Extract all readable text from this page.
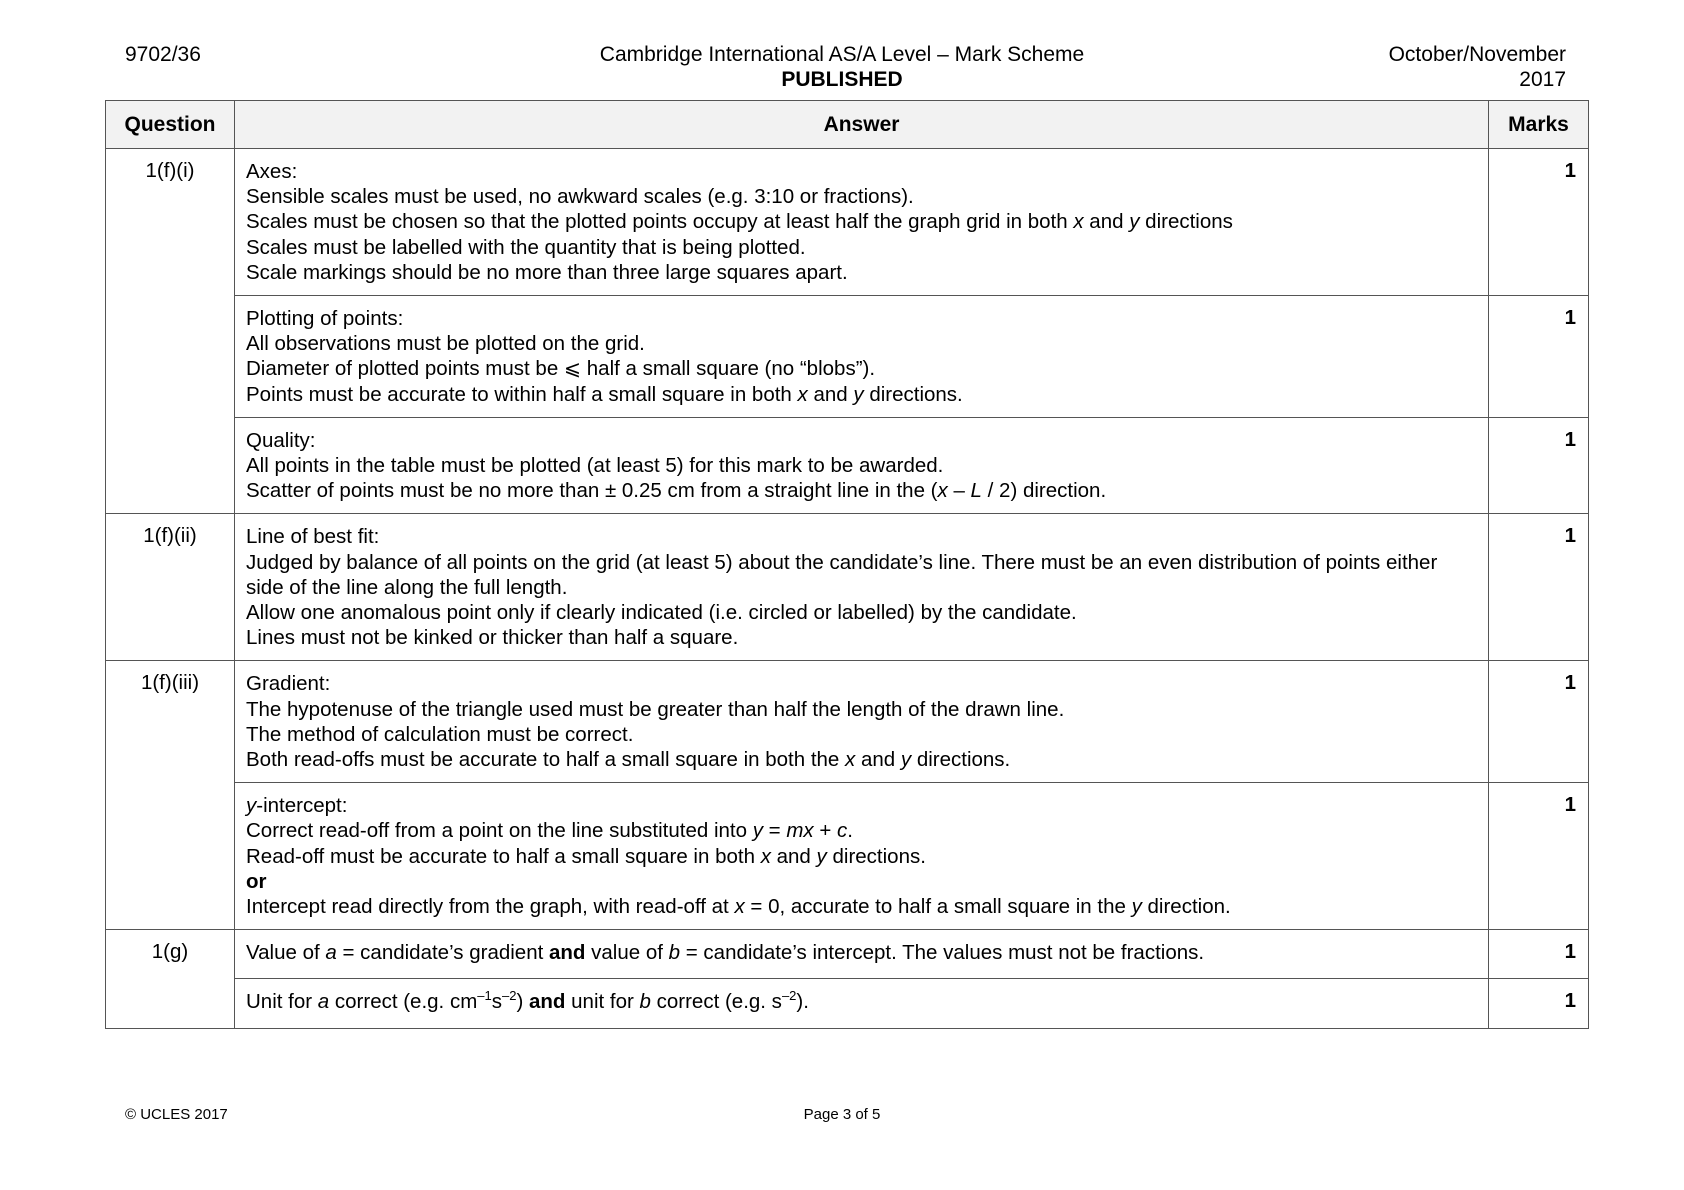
9702/36	Cambridge International AS/A Level – Mark Scheme
PUBLISHED
October/November
2017
Question	Answer	Marks
1(f)(i)	Axes:
Sensible scales must be used, no awkward scales (e.g. 3:10 or fractions).
Scales must be chosen so that the plotted points occupy at least half the graph grid in both x and y directions
Scales must be labelled with the quantity that is being plotted.
Scale markings should be no more than three large squares apart.	1

	Plotting of points:
All observations must be plotted on the grid.
Diameter of plotted points must be ⩽ half a small square (no “blobs”).
Points must be accurate to within half a small square in both x and y directions.	1

	Quality:
All points in the table must be plotted (at least 5) for this mark to be awarded.
Scatter of points must be no more than ± 0.25 cm from a straight line in the (x – L / 2) direction.	1
1(f)(ii)	Line of best fit:
Judged by balance of all points on the grid (at least 5) about the candidate’s line. There must be an even distribution of points either side of the line along the full length.
Allow one anomalous point only if clearly indicated (i.e. circled or labelled) by the candidate.
Lines must not be kinked or thicker than half a square.	1
1(f)(iii)	Gradient:
The hypotenuse of the triangle used must be greater than half the length of the drawn line.
The method of calculation must be correct.
Both read-offs must be accurate to half a small square in both the x and y directions.	1

	y-intercept:
Correct read-off from a point on the line substituted into y = mx + c.
Read-off must be accurate to half a small square in both x and y directions.
or
Intercept read directly from the graph, with read-off at x = 0, accurate to half a small square in the y direction.	1
1(g)	Value of a = candidate’s gradient and value of b = candidate’s intercept. The values must not be fractions.	1

	Unit for a correct (e.g. $cm^{-1}s^{-2}$) and unit for b correct (e.g. $s^{-2}$).	1
© UCLES 2017	Page 3 of 5
